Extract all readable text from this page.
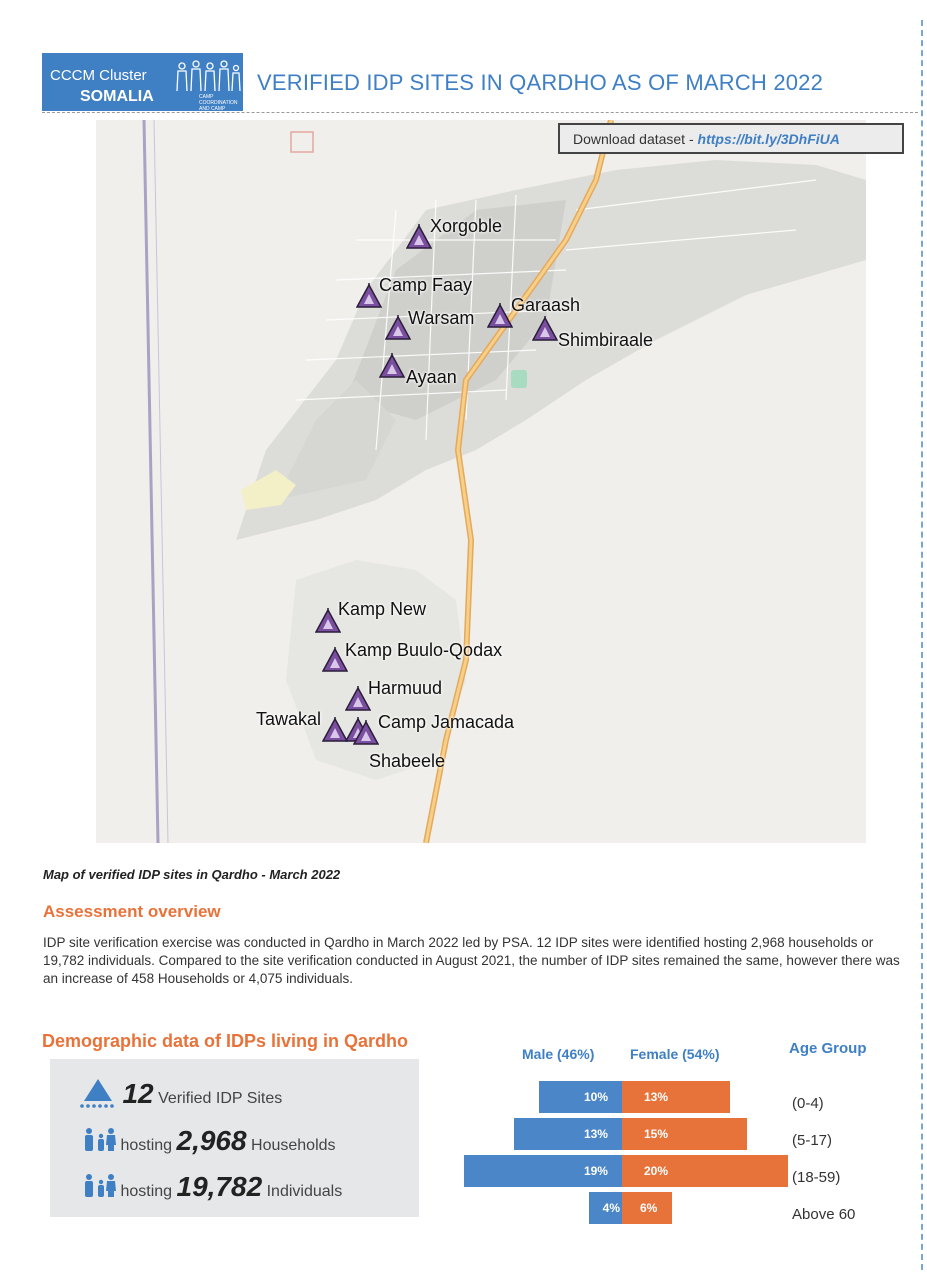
CCCM Cluster
SOMALIA	CAMP COORDINATION AND CAMP MANAGEMENT
VERIFIED IDP SITES IN QARDHO AS OF MARCH 2022
Xorgoble
Camp Faay
Garaash
Warsam
Shimbiraale
Ayaan
Kamp New
Kamp Buulo-Qodax
Harmuud
Tawakal	Camp Jamacada
Shabeele
Download dataset - https://bit.ly/3DhFiUA
Map of verified IDP sites in Qardho - March 2022
Assessment overview
IDP site verification exercise was conducted in Qardho in March 2022 led by PSA. 12 IDP sites were identified hosting 2,968 households or 19,782 individuals. Compared to the site verification conducted in August 2021, the number of IDP sites remained the same, however there was an increase of 458 Households or 4,075 individuals.
Demographic data of IDPs living in Qardho
12 Verified IDP Sites
hosting 2,968 Households
hosting 19,782 Individuals
Male (46%)	Female (54%)	Age Group
10%	13%	(0-4)
13%	15%	(5-17)
19%	20%	(18-59)
4%	6%	Above 60
